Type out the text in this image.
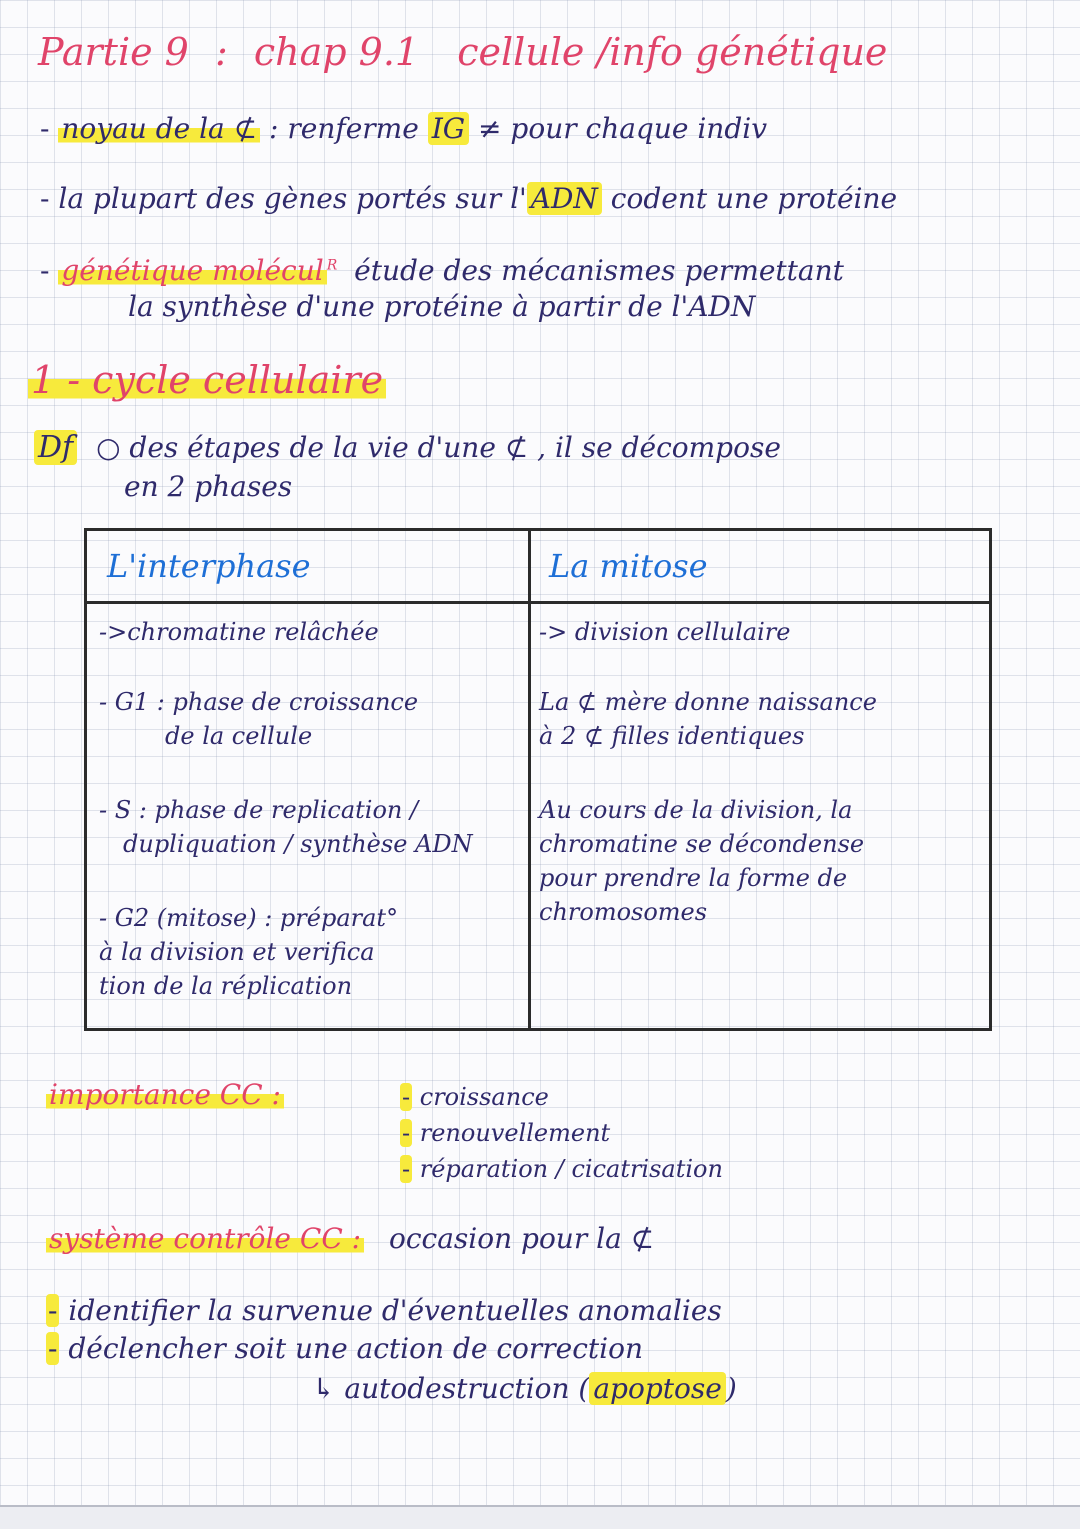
Partie 9 : chap 9.1 cellule /info génétique
- noyau de la ⊄ : renferme IG ≠ pour chaque indiv
- la plupart des gènes portés sur l' ADN codent une protéine
- génétique molécul $^R$ étude des mécanismes permettant
la synthèse d'une protéine à partir de l'ADN
1 - cycle cellulaire
Df ○ des étapes de la vie d'une ⊄ , il se décompose
en 2 phases
L'interphase	La mitose
->chromatine relâchée
- G1 : phase de croissance
de la cellule
- S : phase de replication /
dupliquation / synthèse ADN
- G2 (mitose) : préparat°
à la division et verifica
tion de la réplication
-> division cellulaire
La ⊄ mère donne naissance
à 2 ⊄ filles identiques
Au cours de la division, la
chromatine se décondense
pour prendre la forme de
chromosomes
importance CC :	- croissance
- renouvellement
- réparation / cicatrisation
système contrôle CC : occasion pour la ⊄
- identifier la survenue d'éventuelles anomalies
- déclencher soit une action de correction
↳ autodestruction ( apoptose )
